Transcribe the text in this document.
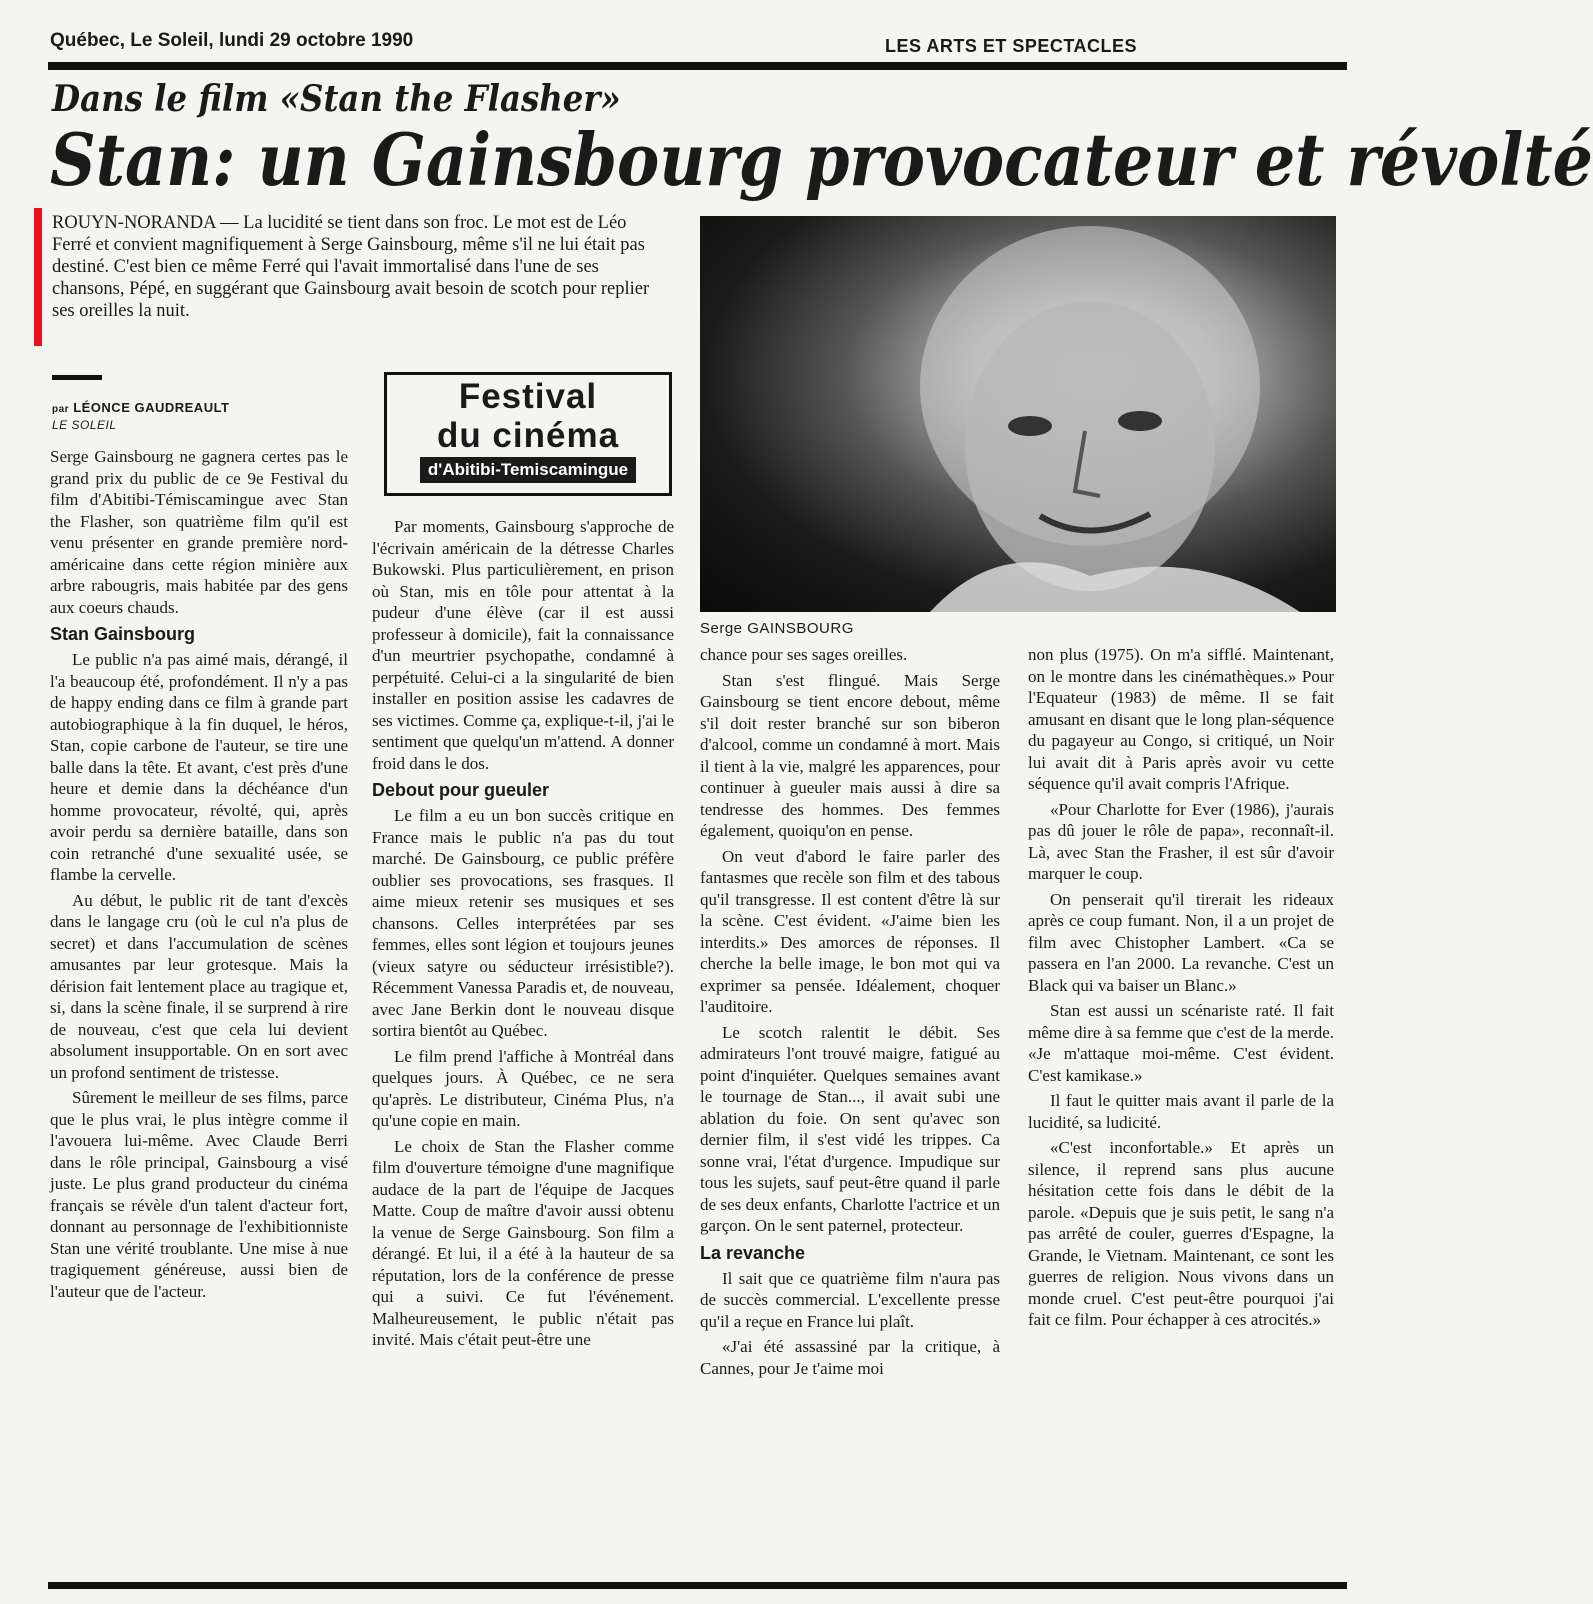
Québec, Le Soleil, lundi 29 octobre 1990	LES ARTS ET SPECTACLES
Dans le film «Stan the Flasher»
Stan: un Gainsbourg provocateur et révolté
ROUYN-NORANDA — La lucidité se tient dans son froc. Le mot est de Léo Ferré et convient magnifiquement à Serge Gainsbourg, même s'il ne lui était pas destiné. C'est bien ce même Ferré qui l'avait immortalisé dans l'une de ses chansons, Pépé, en suggérant que Gainsbourg avait besoin de scotch pour replier ses oreilles la nuit.
par LÉONCE GAUDREAULT
LE SOLEIL
Serge GAINSBOURG
Festival
du cinéma
d'Abitibi-Temiscamingue

Serge Gainsbourg ne gagnera certes pas le grand prix du public de ce 9e Festival du film d'Abitibi-Témiscamingue avec Stan the Flasher, son quatrième film qu'il est venu présenter en grande première nord-américaine dans cette région minière aux arbre rabougris, mais habitée par des gens aux coeurs chauds.

Stan Gainsbourg

Le public n'a pas aimé mais, dérangé, il l'a beaucoup été, profondément. Il n'y a pas de happy ending dans ce film à grande part autobiographique à la fin duquel, le héros, Stan, copie carbone de l'auteur, se tire une balle dans la tête. Et avant, c'est près d'une heure et demie dans la déchéance d'un homme provocateur, révolté, qui, après avoir perdu sa dernière bataille, dans son coin retranché d'une sexualité usée, se flambe la cervelle.

Au début, le public rit de tant d'excès dans le langage cru (où le cul n'a plus de secret) et dans l'accumulation de scènes amusantes par leur grotesque. Mais la dérision fait lentement place au tragique et, si, dans la scène finale, il se surprend à rire de nouveau, c'est que cela lui devient absolument insupportable. On en sort avec un profond sentiment de tristesse.

Sûrement le meilleur de ses films, parce que le plus vrai, le plus intègre comme il l'avouera lui-même. Avec Claude Berri dans le rôle principal, Gainsbourg a visé juste. Le plus grand producteur du cinéma français se révèle d'un talent d'acteur fort, donnant au personnage de l'exhibitionniste Stan une vérité troublante. Une mise à nue tragiquement généreuse, aussi bien de l'auteur que de l'acteur.

Par moments, Gainsbourg s'approche de l'écrivain américain de la détresse Charles Bukowski. Plus particulièrement, en prison où Stan, mis en tôle pour attentat à la pudeur d'une élève (car il est aussi professeur à domicile), fait la connaissance d'un meurtrier psychopathe, condamné à perpétuité. Celui-ci a la singularité de bien installer en position assise les cadavres de ses victimes. Comme ça, explique-t-il, j'ai le sentiment que quelqu'un m'attend. A donner froid dans le dos.

Debout pour gueuler

Le film a eu un bon succès critique en France mais le public n'a pas du tout marché. De Gainsbourg, ce public préfère oublier ses provocations, ses frasques. Il aime mieux retenir ses musiques et ses chansons. Celles interprétées par ses femmes, elles sont légion et toujours jeunes (vieux satyre ou séducteur irrésistible?). Récemment Vanessa Paradis et, de nouveau, avec Jane Berkin dont le nouveau disque sortira bientôt au Québec.

Le film prend l'affiche à Montréal dans quelques jours. À Québec, ce ne sera qu'après. Le distributeur, Cinéma Plus, n'a qu'une copie en main.

Le choix de Stan the Flasher comme film d'ouverture témoigne d'une magnifique audace de la part de l'équipe de Jacques Matte. Coup de maître d'avoir aussi obtenu la venue de Serge Gainsbourg. Son film a dérangé. Et lui, il a été à la hauteur de sa réputation, lors de la conférence de presse qui a suivi. Ce fut l'événement. Malheureusement, le public n'était pas invité. Mais c'était peut-être une

chance pour ses sages oreilles.

Stan s'est flingué. Mais Serge Gainsbourg se tient encore debout, même s'il doit rester branché sur son biberon d'alcool, comme un condamné à mort. Mais il tient à la vie, malgré les apparences, pour continuer à gueuler mais aussi à dire sa tendresse des hommes. Des femmes également, quoiqu'on en pense.

On veut d'abord le faire parler des fantasmes que recèle son film et des tabous qu'il transgresse. Il est content d'être là sur la scène. C'est évident. «J'aime bien les interdits.» Des amorces de réponses. Il cherche la belle image, le bon mot qui va exprimer sa pensée. Idéalement, choquer l'auditoire.

Le scotch ralentit le débit. Ses admirateurs l'ont trouvé maigre, fatigué au point d'inquiéter. Quelques semaines avant le tournage de Stan..., il avait subi une ablation du foie. On sent qu'avec son dernier film, il s'est vidé les trippes. Ca sonne vrai, l'état d'urgence. Impudique sur tous les sujets, sauf peut-être quand il parle de ses deux enfants, Charlotte l'actrice et un garçon. On le sent paternel, protecteur.

La revanche

Il sait que ce quatrième film n'aura pas de succès commercial. L'excellente presse qu'il a reçue en France lui plaît.

«J'ai été assassiné par la critique, à Cannes, pour Je t'aime moi

non plus (1975). On m'a sifflé. Maintenant, on le montre dans les cinémathèques.» Pour l'Equateur (1983) de même. Il se fait amusant en disant que le long plan-séquence du pagayeur au Congo, si critiqué, un Noir lui avait dit à Paris après avoir vu cette séquence qu'il avait compris l'Afrique.

«Pour Charlotte for Ever (1986), j'aurais pas dû jouer le rôle de papa», reconnaît-il. Là, avec Stan the Frasher, il est sûr d'avoir marquer le coup.

On penserait qu'il tirerait les rideaux après ce coup fumant. Non, il a un projet de film avec Chistopher Lambert. «Ca se passera en l'an 2000. La revanche. C'est un Black qui va baiser un Blanc.»

Stan est aussi un scénariste raté. Il fait même dire à sa femme que c'est de la merde. «Je m'attaque moi-même. C'est évident. C'est kamikase.»

Il faut le quitter mais avant il parle de la lucidité, sa ludicité.

«C'est inconfortable.» Et après un silence, il reprend sans plus aucune hésitation cette fois dans le débit de la parole. «Depuis que je suis petit, le sang n'a pas arrêté de couler, guerres d'Espagne, la Grande, le Vietnam. Maintenant, ce sont les guerres de religion. Nous vivons dans un monde cruel. C'est peut-être pourquoi j'ai fait ce film. Pour échapper à ces atrocités.»
